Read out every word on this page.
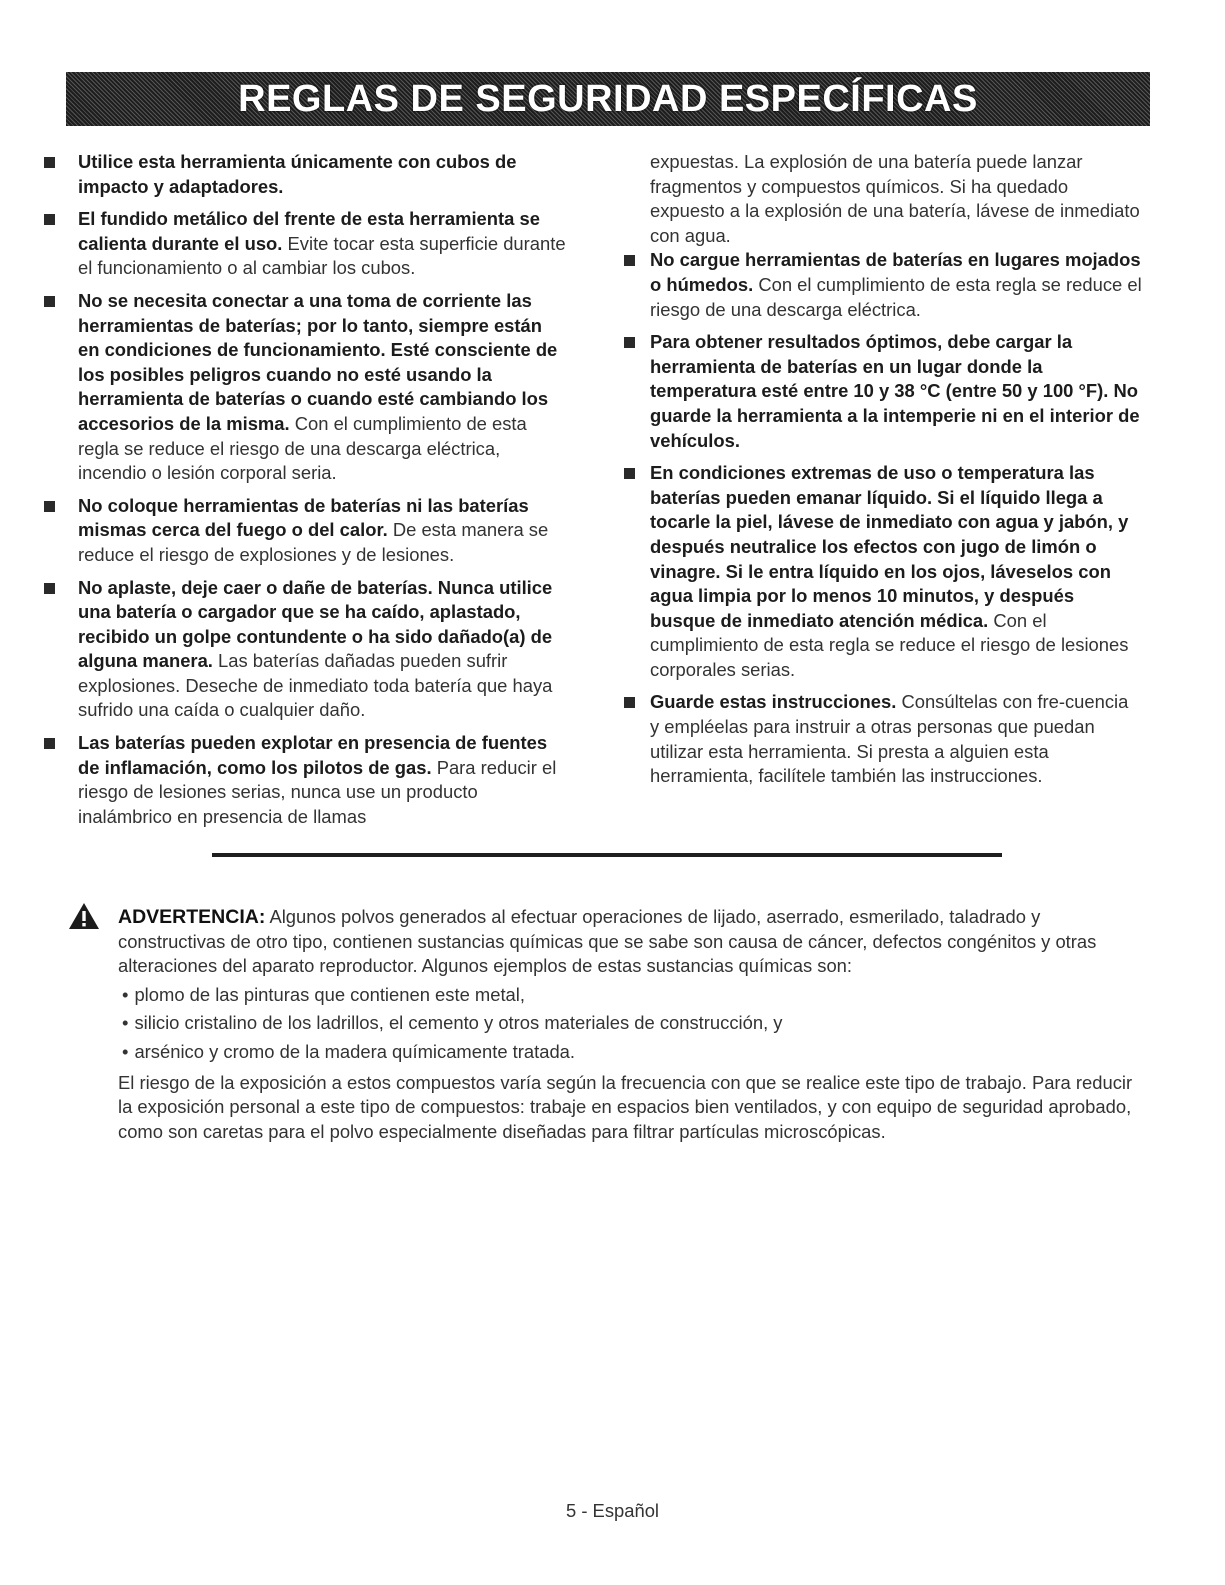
REGLAS DE SEGURIDAD ESPECÍFICAS
Utilice esta herramienta únicamente con cubos de impacto y adaptadores.
El fundido metálico del frente de esta herramienta se calienta durante el uso. Evite tocar esta superficie durante el funcionamiento o al cambiar los cubos.
No se necesita conectar a una toma de corriente las herramientas de baterías; por lo tanto, siempre están en condiciones de funcionamiento. Esté consciente de los posibles peligros cuando no esté usando la herramienta de baterías o cuando esté cambiando los accesorios de la misma. Con el cumplimiento de esta regla se reduce el riesgo de una descarga eléctrica, incendio o lesión corporal seria.
No coloque herramientas de baterías ni las baterías mismas cerca del fuego o del calor. De esta manera se reduce el riesgo de explosiones y de lesiones.
No aplaste, deje caer o dañe de baterías. Nunca utilice una batería o cargador que se ha caído, aplastado, recibido un golpe contundente o ha sido dañado(a) de alguna manera. Las baterías dañadas pueden sufrir explosiones. Deseche de inmediato toda batería que haya sufrido una caída o cualquier daño.
Las baterías pueden explotar en presencia de fuentes de inflamación, como los pilotos de gas. Para reducir el riesgo de lesiones serias, nunca use un producto inalámbrico en presencia de llamas
expuestas. La explosión de una batería puede lanzar fragmentos y compuestos químicos. Si ha quedado expuesto a la explosión de una batería, lávese de inmediato con agua.
No cargue herramientas de baterías en lugares mojados o húmedos. Con el cumplimiento de esta regla se reduce el riesgo de una descarga eléctrica.
Para obtener resultados óptimos, debe cargar la herramienta de baterías en un lugar donde la temperatura esté entre 10 y 38 °C (entre 50 y 100 °F). No guarde la herramienta a la intemperie ni en el interior de vehículos.
En condiciones extremas de uso o temperatura las baterías pueden emanar líquido. Si el líquido llega a tocarle la piel, lávese de inmediato con agua y jabón, y después neutralice los efectos con jugo de limón o vinagre. Si le entra líquido en los ojos, láveselos con agua limpia por lo menos 10 minutos, y después busque de inmediato atención médica. Con el cumplimiento de esta regla se reduce el riesgo de lesiones corporales serias.
Guarde estas instrucciones. Consúltelas con fre-cuencia y empléelas para instruir a otras personas que puedan utilizar esta herramienta. Si presta a alguien esta herramienta, facilítele también las instrucciones.
ADVERTENCIA: Algunos polvos generados al efectuar operaciones de lijado, aserrado, esmerilado, taladrado y constructivas de otro tipo, contienen sustancias químicas que se sabe son causa de cáncer, defectos congénitos y otras alteraciones del aparato reproductor. Algunos ejemplos de estas sustancias químicas son:
• plomo de las pinturas que contienen este metal,
• silicio cristalino de los ladrillos, el cemento y otros materiales de construcción, y
• arsénico y cromo de la madera químicamente tratada.
El riesgo de la exposición a estos compuestos varía según la frecuencia con que se realice este tipo de trabajo. Para reducir la exposición personal a este tipo de compuestos: trabaje en espacios bien ventilados, y con equipo de seguridad aprobado, como son caretas para el polvo especialmente diseñadas para filtrar partículas microscópicas.
5 - Español
